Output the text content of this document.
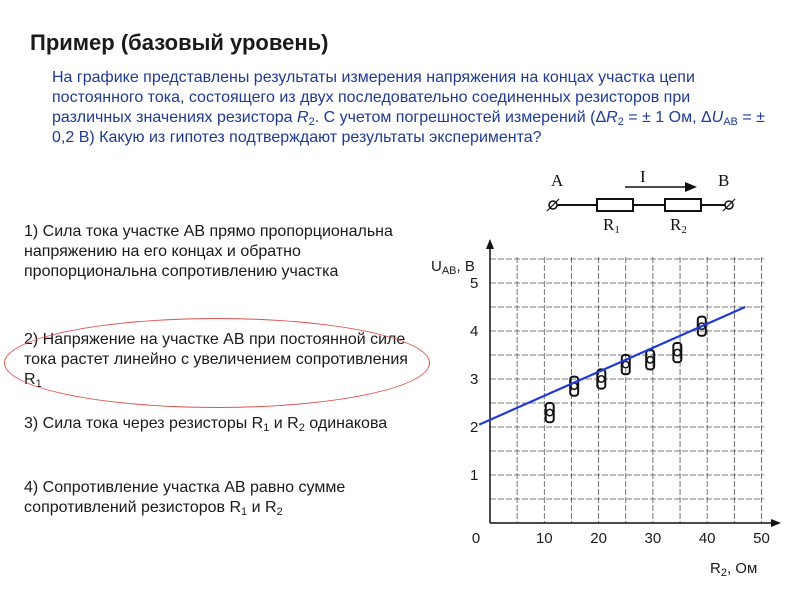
Пример (базовый уровень)
На графике представлены результаты измерения напряжения на концах участка цепи постоянного тока, состоящего из двух последовательно соединенных резисторов при различных значениях резистора $R_2$. С учетом погрешностей измерений ($\Delta R_2$ = ± 1 Ом, $\Delta U_{AB}$ = ± 0,2 В) Какую из гипотез подтверждают результаты эксперимента?
1) Сила тока участке АВ прямо пропорциональна напряжению на его концах и обратно пропорциональна сопротивлению участка
2) Напряжение на участке АВ при постоянной силе тока растет линейно с увеличением сопротивления $R_1$
3) Сила тока через резисторы $R_1$ и $R_2$ одинакова
4) Сопротивление участка АВ равно сумме сопротивлений резисторов $R_1$ и $R_2$
A	B
I
R1	R2
$U_{AB}$, В
$R_2$, Ом
1
2
3
4
5
0	10	20	30	40	50
